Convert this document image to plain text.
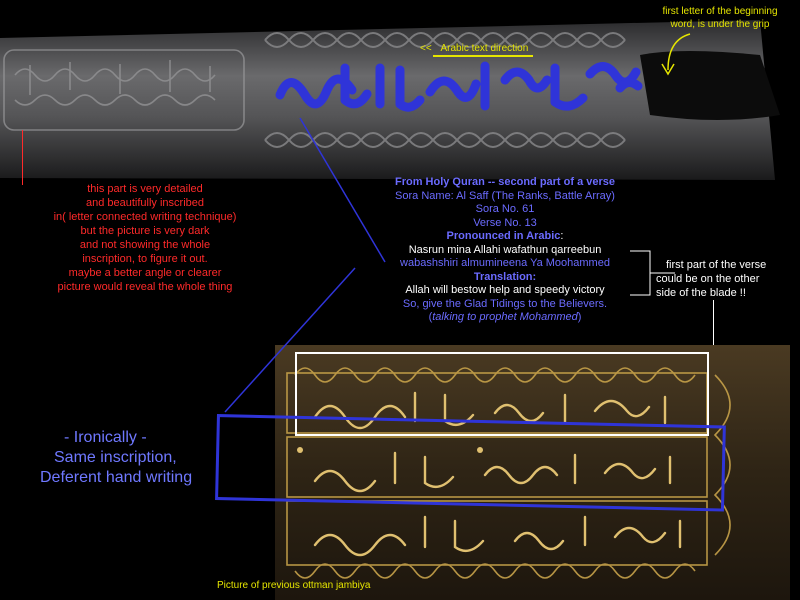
<< Arabic text direction
first letter of the beginning
word, is under the grip
this part is very detailed
and beautifully inscribed
in( letter connected writing technique)
but the picture is very dark
and not showing the whole
inscription, to figure it out.
maybe a better angle or clearer
picture would reveal the whole thing
From Holy Quran -- second part of a verse
Sora Name: Al Saff (The Ranks, Battle Array)
Sora No. 61
Verse No. 13
Pronounced in Arabic:
Nasrun mina Allahi wafathun qarreebun
wabashshiri almumineena Ya Moohammed
Translation:
Allah will bestow help and speedy victory
So, give the Glad Tidings to the Believers.
(talking to prophet Mohammed)
first part of the verse
could be on the other
side of the blade !!
- Ironically -
Same inscription,
Deferent hand writing
Picture of previous ottman jambiya
